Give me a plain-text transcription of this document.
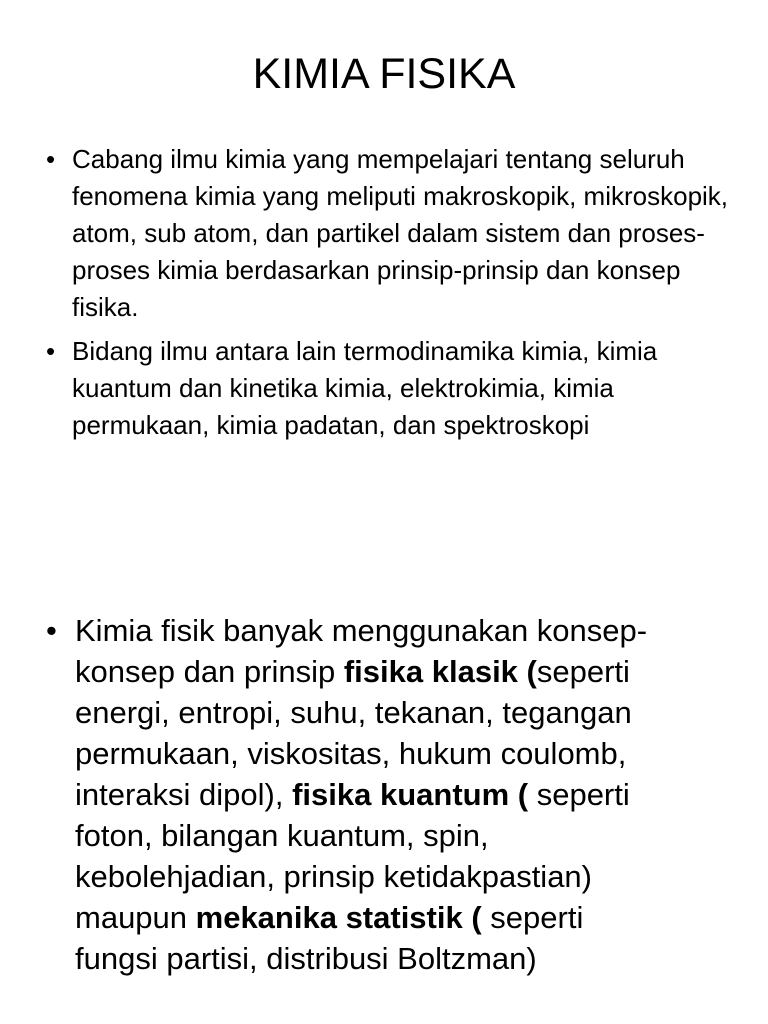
KIMIA FISIKA
• Cabang ilmu kimia yang mempelajari tentang seluruh fenomena kimia yang meliputi makroskopik, mikroskopik, atom, sub atom, dan partikel dalam sistem dan proses-proses kimia berdasarkan prinsip-prinsip dan konsep fisika.
• Bidang ilmu antara lain termodinamika kimia, kimia kuantum dan kinetika kimia, elektrokimia, kimia permukaan, kimia padatan, dan spektroskopi
• Kimia fisik banyak menggunakan konsep-
konsep dan prinsip fisika klasik (seperti
energi, entropi, suhu, tekanan, tegangan
permukaan, viskositas, hukum coulomb,
interaksi dipol), fisika kuantum ( seperti
foton, bilangan kuantum, spin,
kebolehjadian, prinsip ketidakpastian)
maupun mekanika statistik ( seperti
fungsi partisi, distribusi Boltzman)
